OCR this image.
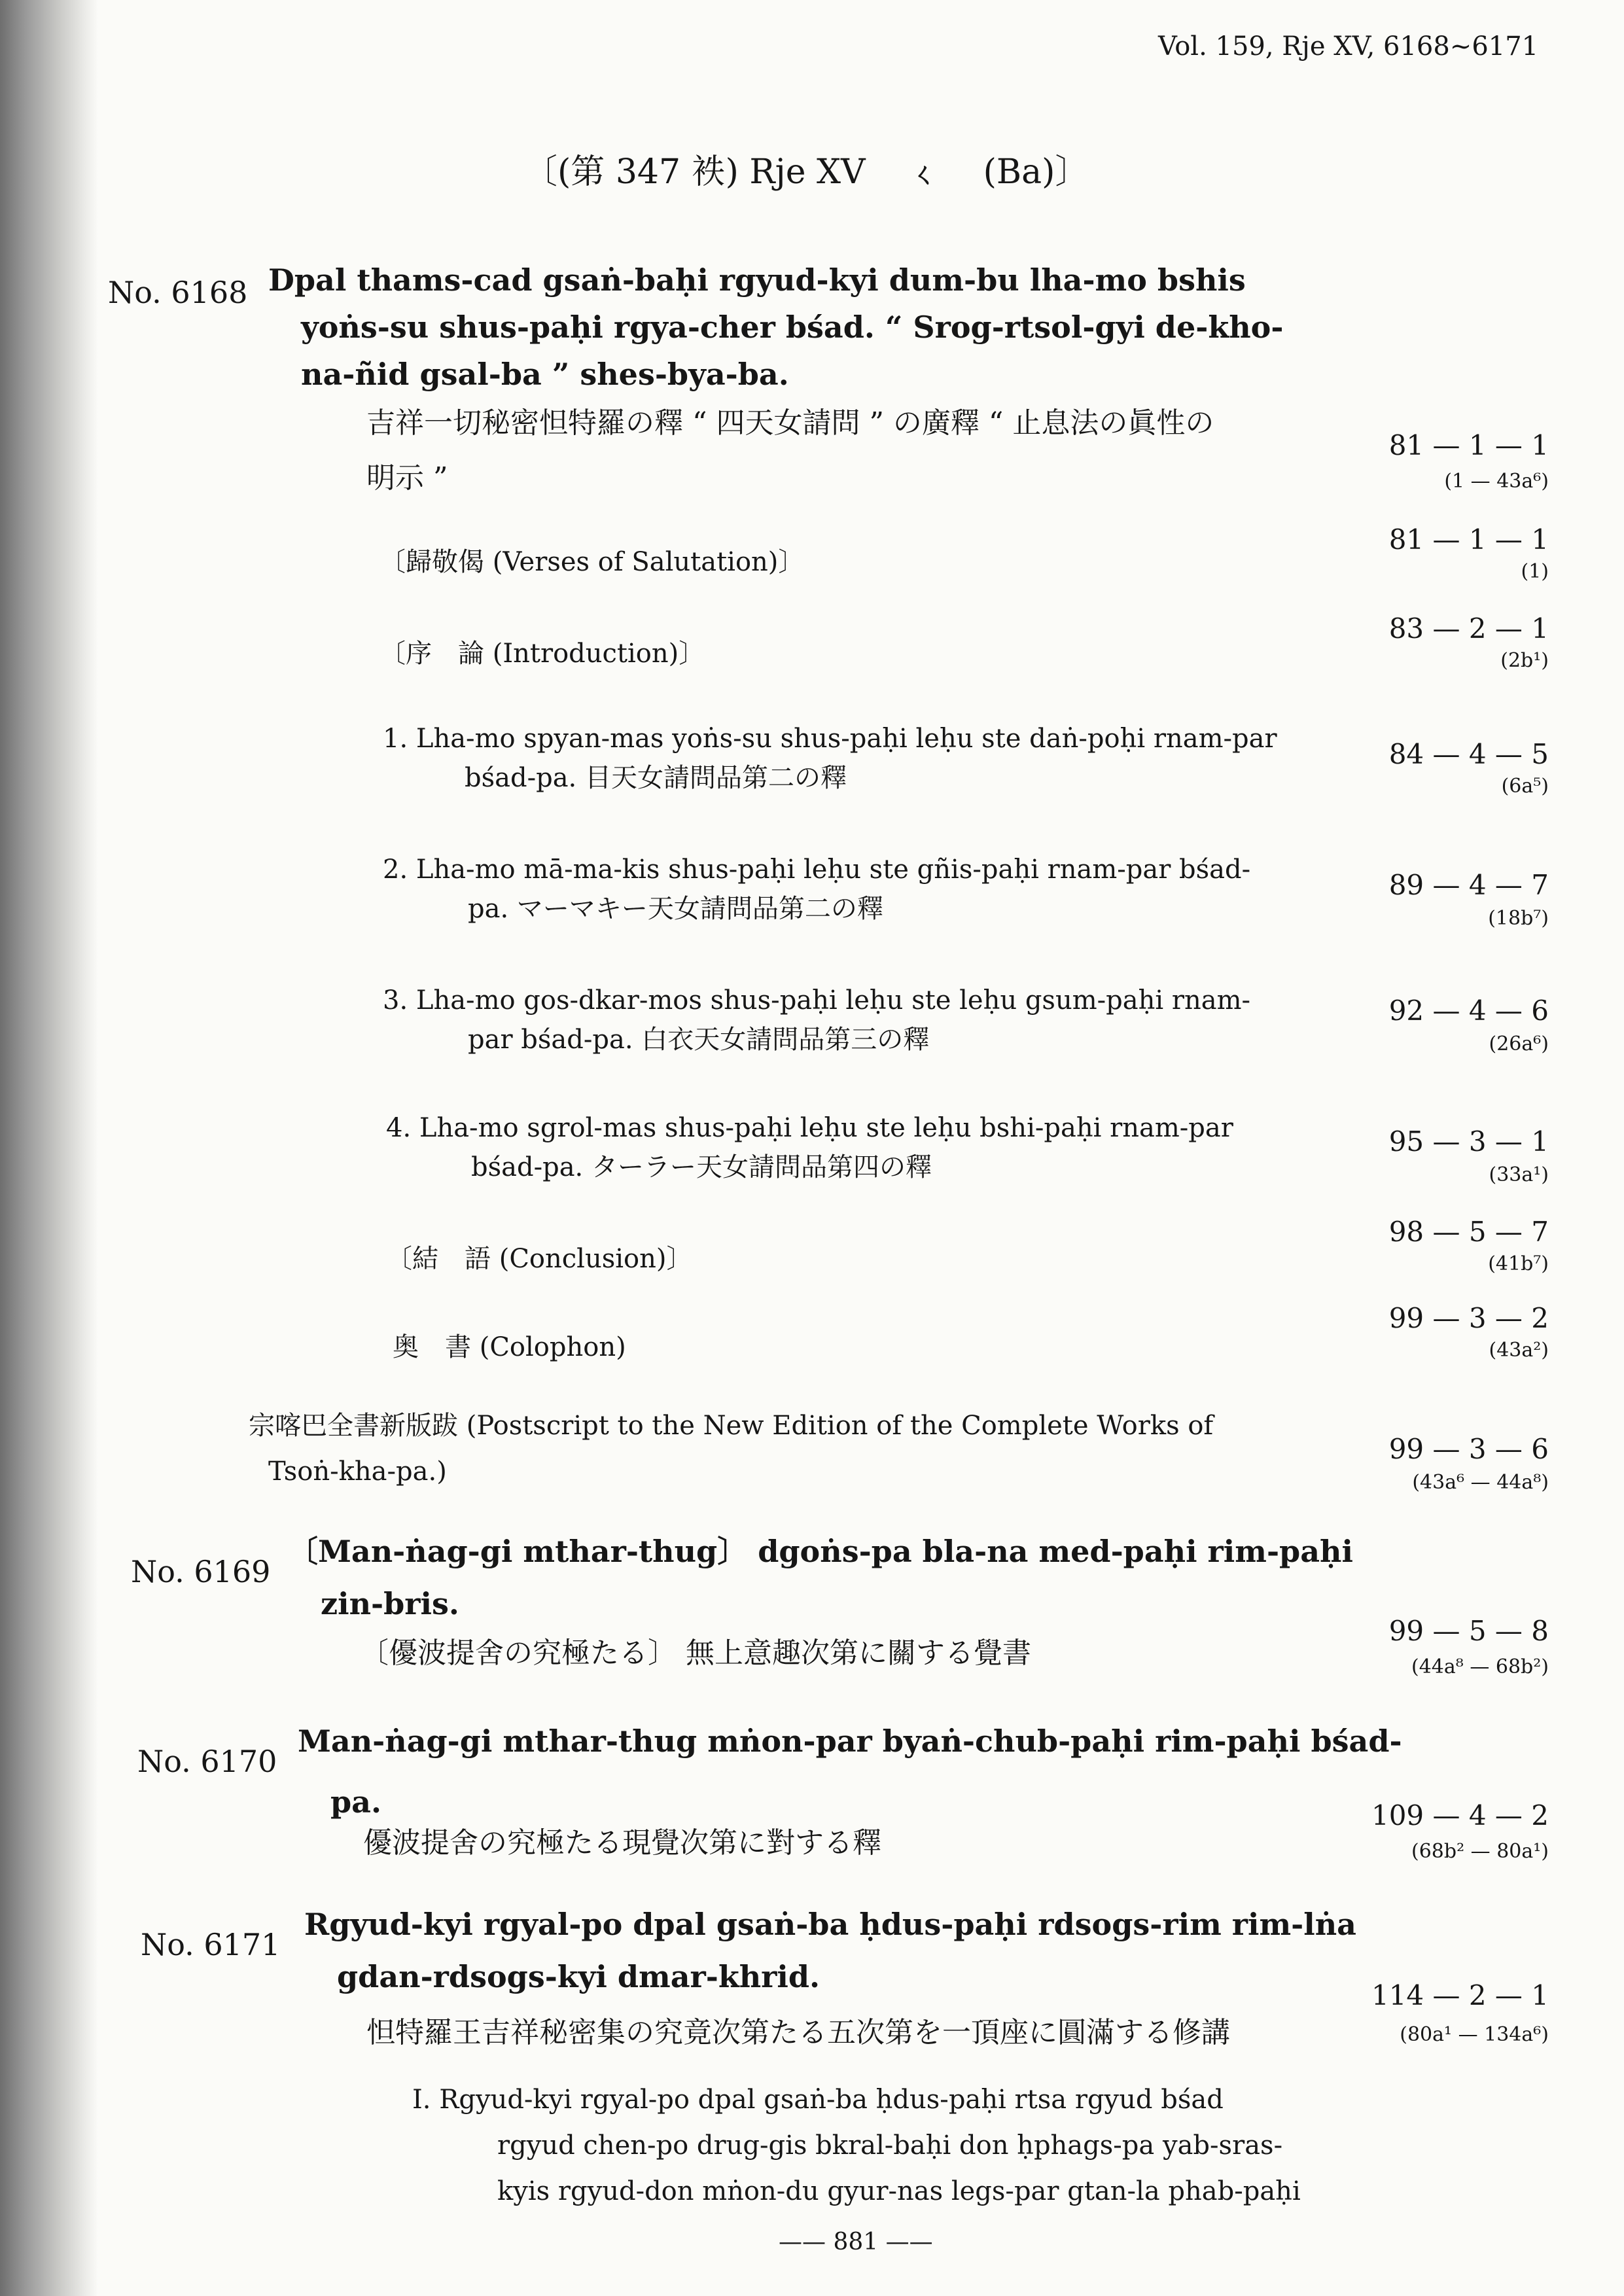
Vol. 159, Rje XV, 6168~6171
〔(第 347 袟) Rje XV ㄑ (Ba)〕
No. 6168 Dpal thams-cad gsaṅ-baḥi rgyud-kyi dum-bu lha-mo bshis
yoṅs-su shus-paḥi rgya-cher bśad. “ Srog-rtsol-gyi de-kho-
na-ñid gsal-ba ” shes-bya-ba.
吉祥一切秘密怛特羅の釋 “ 四天女請問 ” の廣釋 “ 止息法の眞性の
明示 ”
81 — 1 — 1
(1 — 43a⁶)
〔歸敬偈 (Verses of Salutation)〕
81 — 1 — 1
(1)
〔序　論 (Introduction)〕
83 — 2 — 1
(2b¹)
1. Lha-mo spyan-mas yoṅs-su shus-paḥi leḥu ste daṅ-poḥi rnam-par
bśad-pa. 目天女請問品第二の釋
84 — 4 — 5
(6a⁵)
2. Lha-mo mā-ma-kis shus-paḥi leḥu ste gñis-paḥi rnam-par bśad-
pa. マーマキー天女請問品第二の釋
89 — 4 — 7
(18b⁷)
3. Lha-mo gos-dkar-mos shus-paḥi leḥu ste leḥu gsum-paḥi rnam-
par bśad-pa. 白衣天女請問品第三の釋
92 — 4 — 6
(26a⁶)
4. Lha-mo sgrol-mas shus-paḥi leḥu ste leḥu bshi-paḥi rnam-par
bśad-pa. ターラー天女請問品第四の釋
95 — 3 — 1
(33a¹)
〔結　語 (Conclusion)〕
98 — 5 — 7
(41b⁷)
奥　書 (Colophon)
99 — 3 — 2
(43a²)
宗喀巴全書新版跋 (Postscript to the New Edition of the Complete Works of
Tsoṅ-kha-pa.)
99 — 3 — 6
(43a⁶ — 44a⁸)
No. 6169
〔Man-ṅag-gi mthar-thug〕 dgoṅs-pa bla-na med-paḥi rim-paḥi
zin-bris.
〔優波提舍の究極たる〕 無上意趣次第に關する覺書
99 — 5 — 8
(44a⁸ — 68b²)
No. 6170
Man-ṅag-gi mthar-thug mṅon-par byaṅ-chub-paḥi rim-paḥi bśad-
pa.
優波提舍の究極たる現覺次第に對する釋
109 — 4 — 2
(68b² — 80a¹)
No. 6171
Rgyud-kyi rgyal-po dpal gsaṅ-ba ḥdus-paḥi rdsogs-rim rim-lṅa
gdan-rdsogs-kyi dmar-khrid.
怛特羅王吉祥秘密集の究竟次第たる五次第を一頂座に圓滿する修講
114 — 2 — 1
(80a¹ — 134a⁶)
I. Rgyud-kyi rgyal-po dpal gsaṅ-ba ḥdus-paḥi rtsa rgyud bśad
rgyud chen-po drug-gis bkral-baḥi don ḥphags-pa yab-sras-
kyis rgyud-don mṅon-du gyur-nas legs-par gtan-la phab-paḥi
—— 881 ——
